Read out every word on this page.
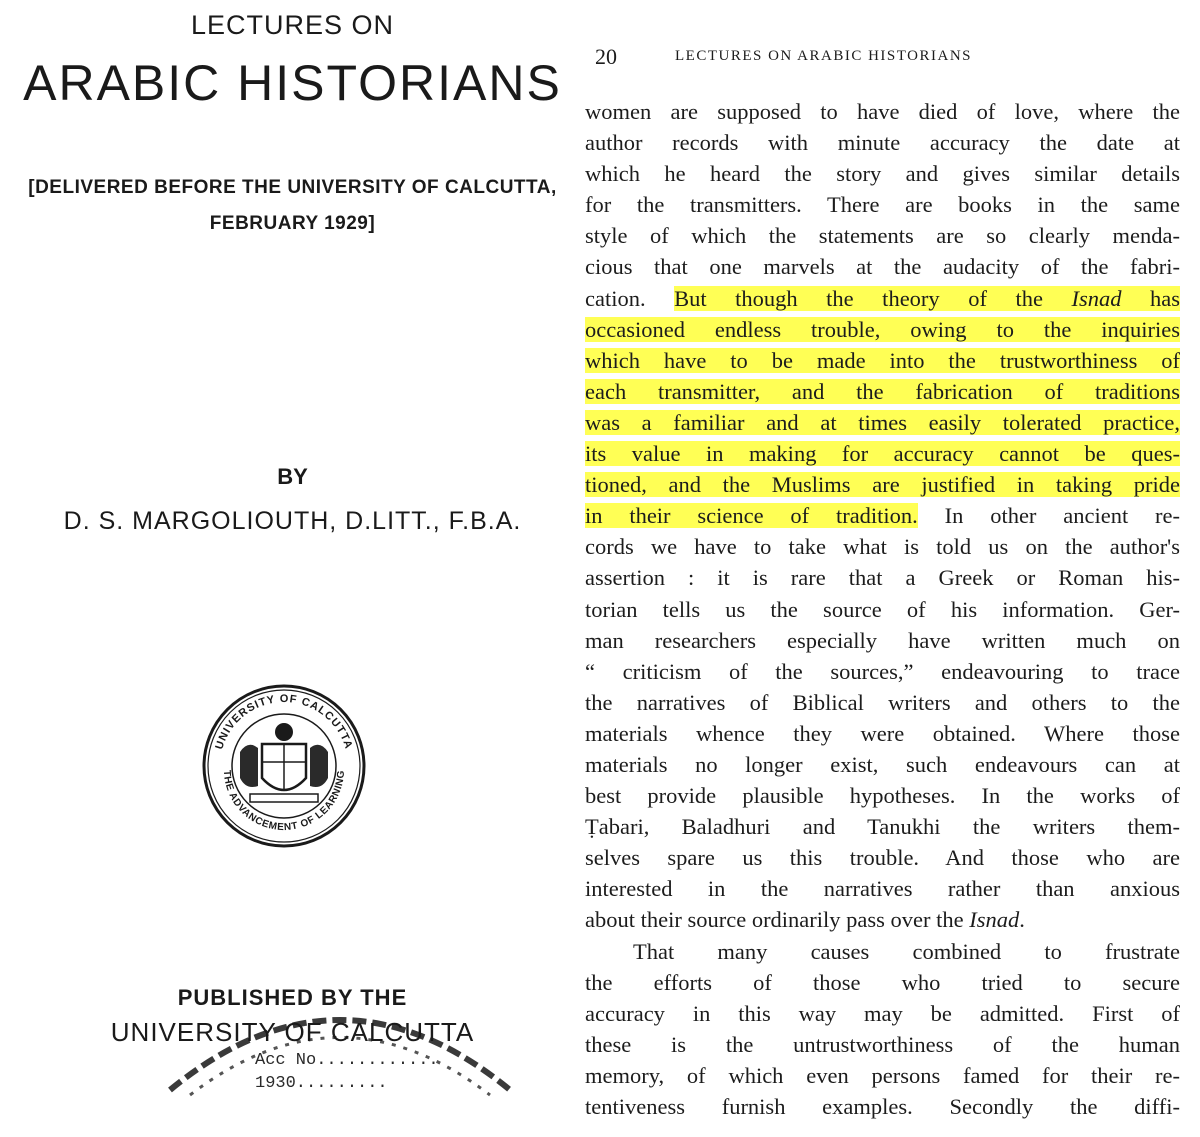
LECTURES ON
ARABIC HISTORIANS
[DELIVERED BEFORE THE UNIVERSITY OF CALCUTTA,
FEBRUARY 1929]
BY
D. S. MARGOLIOUTH, D.LITT., F.B.A.
UNIVERSITY OF CALCUTTA
THE ADVANCEMENT OF LEARNING
PUBLISHED BY THE
UNIVERSITY OF CALCUTTA
Acc No............
1930.........
20	LECTURES ON ARABIC HISTORIANS
women are supposed to have died of love, where the
author records with minute accuracy the date at
which he heard the story and gives similar details
for the transmitters. There are books in the same
style of which the statements are so clearly menda-
cious that one marvels at the audacity of the fabri-
cation. But though the theory of the Isnad has
occasioned endless trouble, owing to the inquiries
which have to be made into the trustworthiness of
each transmitter, and the fabrication of traditions
was a familiar and at times easily tolerated practice,
its value in making for accuracy cannot be ques-
tioned, and the Muslims are justified in taking pride
in their science of tradition. In other ancient re-
cords we have to take what is told us on the author's
assertion : it is rare that a Greek or Roman his-
torian tells us the source of his information. Ger-
man researchers especially have written much on
“ criticism of the sources,” endeavouring to trace
the narratives of Biblical writers and others to the
materials whence they were obtained. Where those
materials no longer exist, such endeavours can at
best provide plausible hypotheses. In the works of
Ṭabari, Baladhuri and Tanukhi the writers them-
selves spare us this trouble. And those who are
interested in the narratives rather than anxious
about their source ordinarily pass over the Isnad.
That many causes combined to frustrate
the efforts of those who tried to secure
accuracy in this way may be admitted. First of
these is the untrustworthiness of the human
memory, of which even persons famed for their re-
tentiveness furnish examples. Secondly the diffi-
